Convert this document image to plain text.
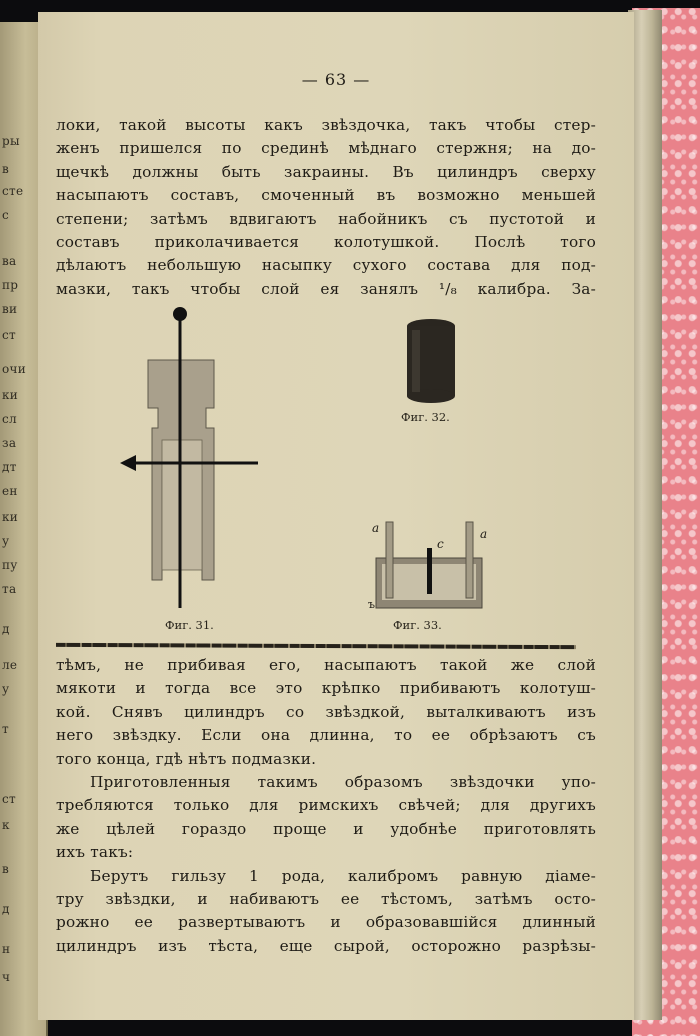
ры
в
сте
с
ва
пр
ви
ст
очи
ки
сл
за
дт
ен
ки
у
пу
та
д
ле
у
т
ст
к
в
д
н
ч
— 63 —
локи, такой высоты какъ звѣздочка, такъ чтобы стер-
женъ пришелся по срединѣ мѣднаго стержня; на до-
щечкѣ должны быть закраины. Въ цилиндръ сверху
насыпаютъ составъ, смоченный въ возможно меньшей
степени; затѣмъ вдвигаютъ набойникъ съ пустотой и
составъ приколачивается колотушкой. Послѣ того
дѣлаютъ небольшую насыпку сухого состава для под-
мазки, такъ чтобы слой ея занялъ ¹/₈ калибра. За-
Фиг. 31.
Фиг. 32.
a	a
c
ъ
Фиг. 33.
тѣмъ, не прибивая его, насыпаютъ такой же слой
мякоти и тогда все это крѣпко прибиваютъ колотуш-
кой. Снявъ цилиндръ со звѣздкой, выталкиваютъ изъ
него звѣздку. Если она длинна, то ее обрѣзаютъ съ
того конца, гдѣ нѣтъ подмазки.
Приготовленныя такимъ образомъ звѣздочки упо-
требляются только для римскихъ свѣчей; для другихъ
же цѣлей гораздо проще и удобнѣе приготовлять
ихъ такъ:
Берутъ гильзу 1 рода, калибромъ равную діаме-
тру звѣздки, и набиваютъ ее тѣстомъ, затѣмъ осто-
рожно ее развертываютъ и образовавшійся длинный
цилиндръ изъ тѣста, еще сырой, осторожно разрѣзы-
